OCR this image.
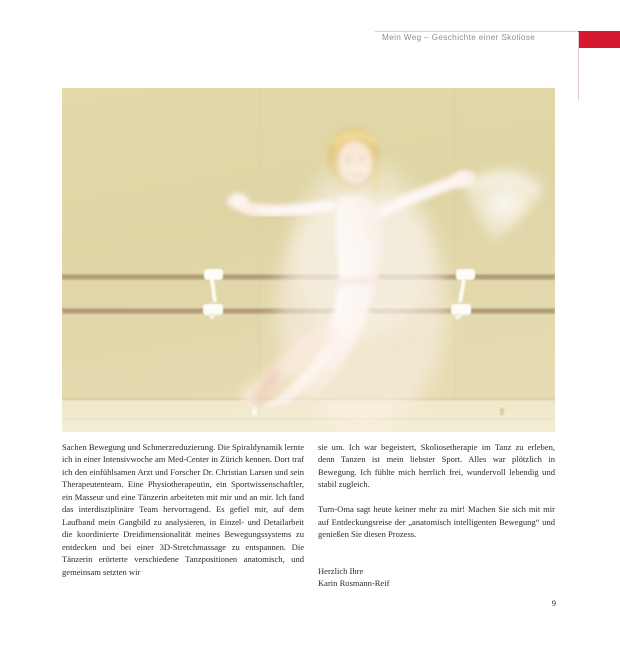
Mein Weg – Geschichte einer Skoliose

Sachen Bewegung und Schmerzreduzierung. Die Spiraldynamik lernte ich in einer Intensivwoche am Med-Center in Zürich kennen. Dort traf ich den einfühlsamen Arzt und Forscher Dr. Christian Larsen und sein Therapeutenteam. Eine Physiotherapeutin, ein Sportwissenschaftler, ein Masseur und eine Tänzerin arbeiteten mit mir und an mir. Ich fand das interdisziplinäre Team hervorragend. Es gefiel mir, auf dem Laufband mein Gangbild zu analysieren, in Einzel- und Detailarbeit die koordinierte Dreidimensionalität meines Bewegungssystems zu entdecken und bei einer 3D-Stretchmassage zu entspannen. Die Tänzerin erörterte verschiedene Tanzpositionen anatomisch, und gemeinsam setzten wir

sie um. Ich war begeistert, Skoliosetherapie im Tanz zu erleben, denn Tanzen ist mein liebster Sport. Alles war plötzlich in Bewegung. Ich fühlte mich herrlich frei, wundervoll lebendig und stabil zugleich.

Turn-Oma sagt heute keiner mehr zu mir! Machen Sie sich mit mir auf Entdeckungsreise der „anatomisch intelligenten Bewegung“ und genießen Sie diesen Prozess.

Herzlich Ihre
Karin Rosmann-Reif
9
